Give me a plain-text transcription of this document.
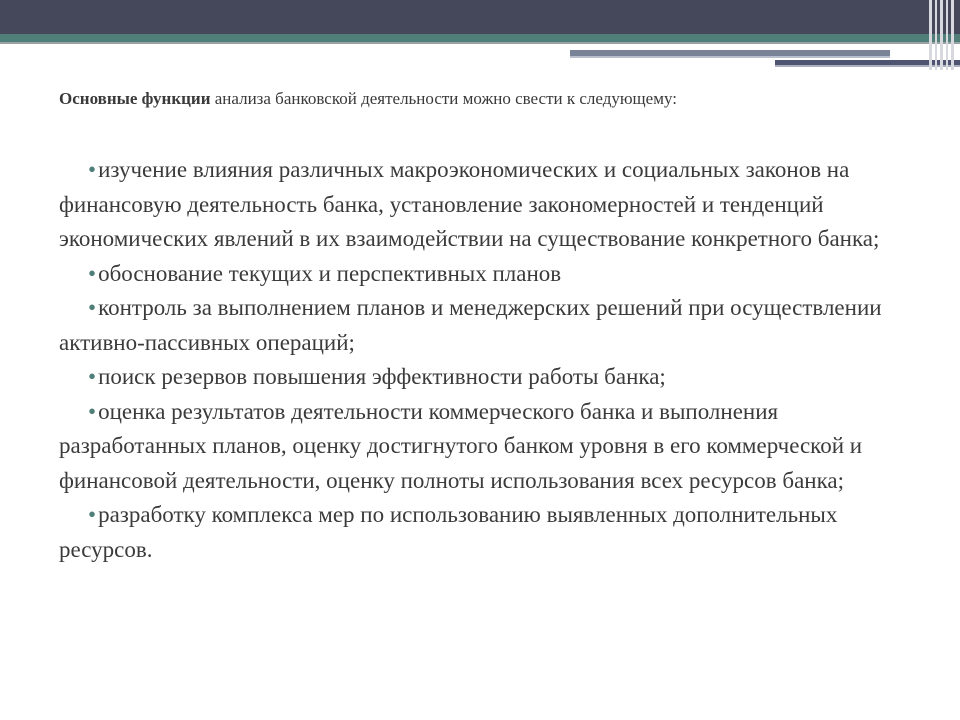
Основные функции анализа банковской деятельности можно свести к следующему:

• изучение влияния различных макроэкономических и социальных законов на финансовую деятельность банка, установление закономерностей и тенденций экономических явлений в их взаимодействии на существование конкретного банка;
• обоснование текущих и перспективных планов
• контроль за выполнением планов и менеджерских решений при осуществлении активно-пассивных операций;
• поиск резервов повышения эффективности работы банка;
• оценка результатов деятельности коммерческого банка и выполнения разработанных планов, оценку достигнутого банком уровня в его коммерческой и финансовой деятельности, оценку полноты использования всех ресурсов банка;
• разработку комплекса мер по использованию выявленных дополнительных ресурсов.
